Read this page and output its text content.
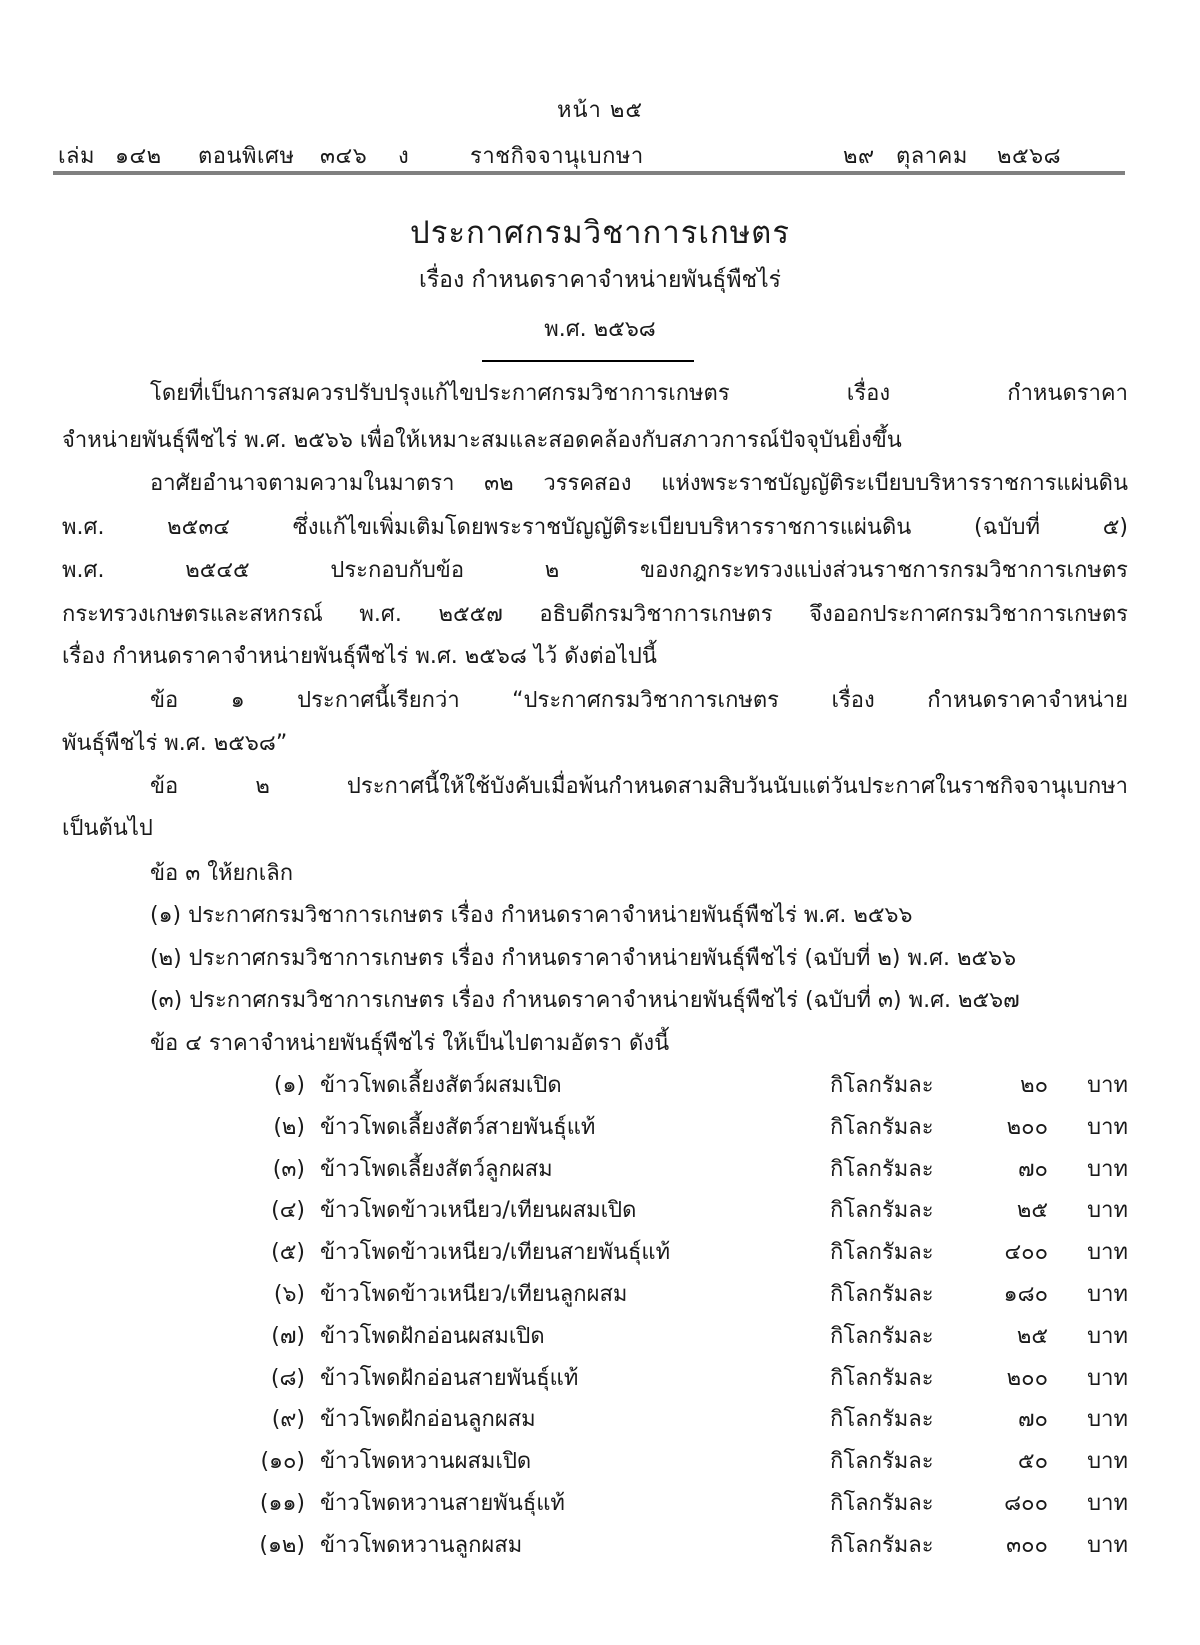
หน้า ๒๕
เล่ม ๑๔๒ ตอนพิเศษ ๓๔๖ ง	ราชกิจจานุเบกษา	๒๙ ตุลาคม ๒๕๖๘
ประกาศกรมวิชาการเกษตร
เรื่อง กำหนดราคาจำหน่ายพันธุ์พืชไร่
พ.ศ. ๒๕๖๘
โดยที่เป็นการสมควรปรับปรุงแก้ไขประกาศกรมวิชาการเกษตร เรื่อง กำหนดราคา
จำหน่ายพันธุ์พืชไร่ พ.ศ. ๒๕๖๖ เพื่อให้เหมาะสมและสอดคล้องกับสภาวการณ์ปัจจุบันยิ่งขึ้น
อาศัยอำนาจตามความในมาตรา ๓๒ วรรคสอง แห่งพระราชบัญญัติระเบียบบริหารราชการแผ่นดิน
พ.ศ. ๒๕๓๔ ซึ่งแก้ไขเพิ่มเติมโดยพระราชบัญญัติระเบียบบริหารราชการแผ่นดิน (ฉบับที่ ๕)
พ.ศ. ๒๕๔๕ ประกอบกับข้อ ๒ ของกฎกระทรวงแบ่งส่วนราชการกรมวิชาการเกษตร
กระทรวงเกษตรและสหกรณ์ พ.ศ. ๒๕๕๗ อธิบดีกรมวิชาการเกษตร จึงออกประกาศกรมวิชาการเกษตร
เรื่อง กำหนดราคาจำหน่ายพันธุ์พืชไร่ พ.ศ. ๒๕๖๘ ไว้ ดังต่อไปนี้
ข้อ ๑ ประกาศนี้เรียกว่า “ประกาศกรมวิชาการเกษตร เรื่อง กำหนดราคาจำหน่าย
พันธุ์พืชไร่ พ.ศ. ๒๕๖๘”
ข้อ ๒ ประกาศนี้ให้ใช้บังคับเมื่อพ้นกำหนดสามสิบวันนับแต่วันประกาศในราชกิจจานุเบกษา
เป็นต้นไป
ข้อ ๓ ให้ยกเลิก
(๑) ประกาศกรมวิชาการเกษตร เรื่อง กำหนดราคาจำหน่ายพันธุ์พืชไร่ พ.ศ. ๒๕๖๖
(๒) ประกาศกรมวิชาการเกษตร เรื่อง กำหนดราคาจำหน่ายพันธุ์พืชไร่ (ฉบับที่ ๒) พ.ศ. ๒๕๖๖
(๓) ประกาศกรมวิชาการเกษตร เรื่อง กำหนดราคาจำหน่ายพันธุ์พืชไร่ (ฉบับที่ ๓) พ.ศ. ๒๕๖๗
ข้อ ๔ ราคาจำหน่ายพันธุ์พืชไร่ ให้เป็นไปตามอัตรา ดังนี้
(๑) ข้าวโพดเลี้ยงสัตว์ผสมเปิด	กิโลกรัมละ	๒๐	บาท
(๒) ข้าวโพดเลี้ยงสัตว์สายพันธุ์แท้	กิโลกรัมละ	๒๐๐	บาท
(๓) ข้าวโพดเลี้ยงสัตว์ลูกผสม	กิโลกรัมละ	๗๐	บาท
(๔) ข้าวโพดข้าวเหนียว/เทียนผสมเปิด	กิโลกรัมละ	๒๕	บาท
(๕) ข้าวโพดข้าวเหนียว/เทียนสายพันธุ์แท้	กิโลกรัมละ	๔๐๐	บาท
(๖) ข้าวโพดข้าวเหนียว/เทียนลูกผสม	กิโลกรัมละ	๑๘๐	บาท
(๗) ข้าวโพดฝักอ่อนผสมเปิด	กิโลกรัมละ	๒๕	บาท
(๘) ข้าวโพดฝักอ่อนสายพันธุ์แท้	กิโลกรัมละ	๒๐๐	บาท
(๙) ข้าวโพดฝักอ่อนลูกผสม	กิโลกรัมละ	๗๐	บาท
(๑๐) ข้าวโพดหวานผสมเปิด	กิโลกรัมละ	๕๐	บาท
(๑๑) ข้าวโพดหวานสายพันธุ์แท้	กิโลกรัมละ	๘๐๐	บาท
(๑๒) ข้าวโพดหวานลูกผสม	กิโลกรัมละ	๓๐๐	บาท
